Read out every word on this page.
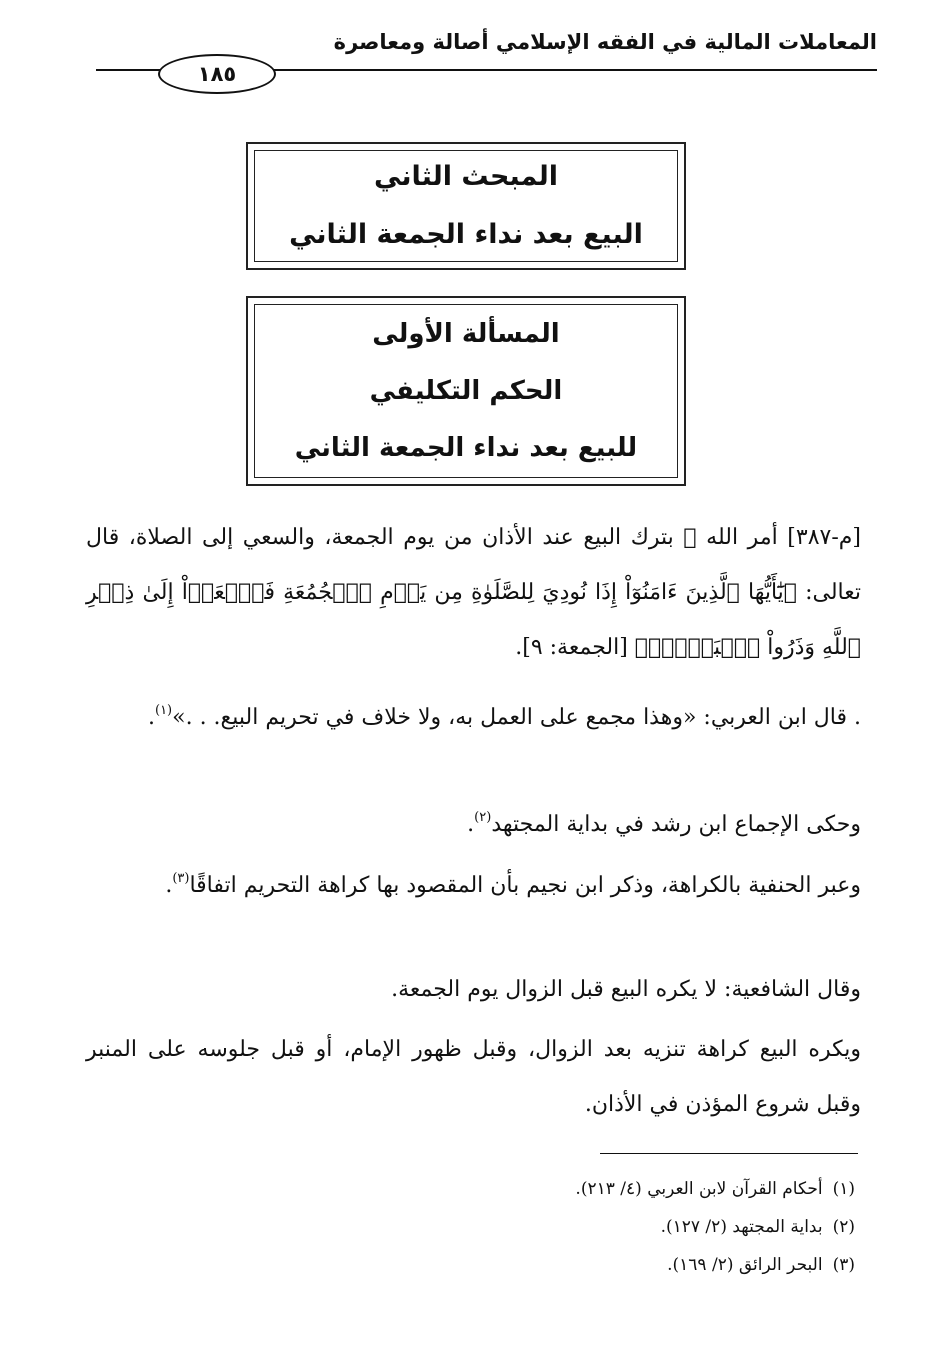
المعاملات المالية في الفقه الإسلامي أصالة ومعاصرة
١٨٥
المبحث الثاني
البيع بعد نداء الجمعة الثاني
المسألة الأولى
الحكم التكليفي
للبيع بعد نداء الجمعة الثاني
[م-٣٨٧] أمر الله ﷻ بترك البيع عند الأذان من يوم الجمعة، والسعي إلى الصلاة، قال تعالى: ﴿يَٰٓأَيُّهَا ٱلَّذِينَ ءَامَنُوٓاْ إِذَا نُودِيَ لِلصَّلَوٰةِ مِن يَوۡمِ ٱلۡجُمُعَةِ فَٱسۡعَوۡاْ إِلَىٰ ذِكۡرِ ٱللَّهِ وَذَرُواْ ٱلۡبَيۡعَۚ﴾ [الجمعة: ٩].
. قال ابن العربي: «وهذا مجمع على العمل به، ولا خلاف في تحريم البيع. . .»$^{(١)}$.
وحكى الإجماع ابن رشد في بداية المجتهد$^{(٢)}$.
وعبر الحنفية بالكراهة، وذكر ابن نجيم بأن المقصود بها كراهة التحريم اتفاقًا$^{(٣)}$.
وقال الشافعية: لا يكره البيع قبل الزوال يوم الجمعة.
ويكره البيع كراهة تنزيه بعد الزوال، وقبل ظهور الإمام، أو قبل جلوسه على المنبر وقبل شروع المؤذن في الأذان.
(١)أحكام القرآن لابن العربي (٤/ ٢١٣).
(٢)بداية المجتهد (٢/ ١٢٧).
(٣)البحر الرائق (٢/ ١٦٩).
